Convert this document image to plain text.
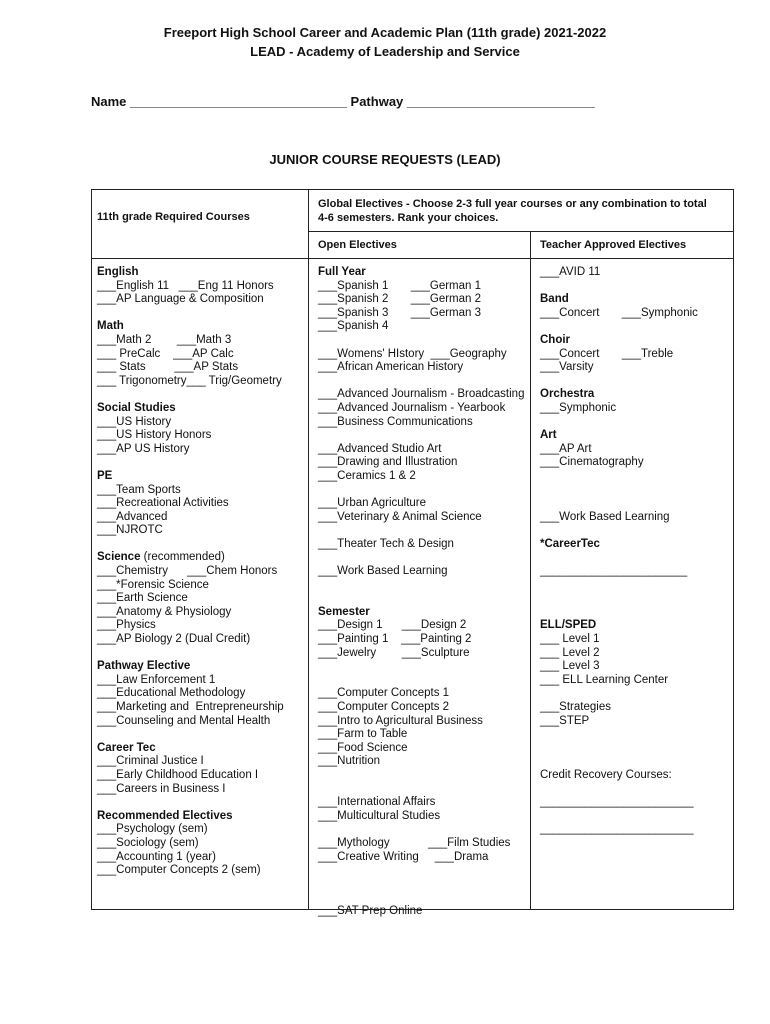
Freeport High School Career and Academic Plan (11th grade) 2021-2022
LEAD - Academy of Leadership and Service
Name ______________________________ Pathway __________________________
JUNIOR COURSE REQUESTS (LEAD)
11th grade Required Courses
Global Electives - Choose 2-3 full year courses or any combination to total
4-6 semesters. Rank your choices.
Open Electives	Teacher Approved Electives
English
___English 11   ___Eng 11 Honors
___AP Language & Composition
Math
___Math 2        ___Math 3
___ PreCalc    ___AP Calc
___ Stats         ___AP Stats
___ Trigonometry___ Trig/Geometry
Social Studies
___US History
___US History Honors
___AP US History
PE
___Team Sports
___Recreational Activities
___Advanced
___NJROTC
Science (recommended)
___Chemistry      ___Chem Honors
___*Forensic Science
___Earth Science
___Anatomy & Physiology
___Physics
___AP Biology 2 (Dual Credit)
Pathway Elective
___Law Enforcement 1
___Educational Methodology
___Marketing and  Entrepreneurship
___Counseling and Mental Health
Career Tec
___Criminal Justice I
___Early Childhood Education I
___Careers in Business I
Recommended Electives
___Psychology (sem)
___Sociology (sem)
___Accounting 1 (year)
___Computer Concepts 2 (sem)
Full Year
___Spanish 1       ___German 1
___Spanish 2       ___German 2
___Spanish 3       ___German 3
___Spanish 4
___Womens' HIstory  ___Geography
___African American History
___Advanced Journalism - Broadcasting
___Advanced Journalism - Yearbook
___Business Communications
___Advanced Studio Art
___Drawing and Illustration
___Ceramics 1 & 2
___Urban Agriculture
___Veterinary & Animal Science
___Theater Tech & Design
___Work Based Learning
Semester
___Design 1      ___Design 2
___Painting 1    ___Painting 2
___Jewelry        ___Sculpture
___Computer Concepts 1
___Computer Concepts 2
___Intro to Agricultural Business
___Farm to Table
___Food Science
___Nutrition
___International Affairs
___Multicultural Studies
___Mythology            ___Film Studies
___Creative Writing     ___Drama
___SAT Prep Online
___AVID 11
Band
___Concert       ___Symphonic
Choir
___Concert       ___Treble
___Varsity
Orchestra
___Symphonic
Art
___AP Art
___Cinematography
___Work Based Learning
*CareerTec
_______________________
ELL/SPED
___ Level 1
___ Level 2
___ Level 3
___ ELL Learning Center
___Strategies
___STEP
Credit Recovery Courses:
________________________
________________________
